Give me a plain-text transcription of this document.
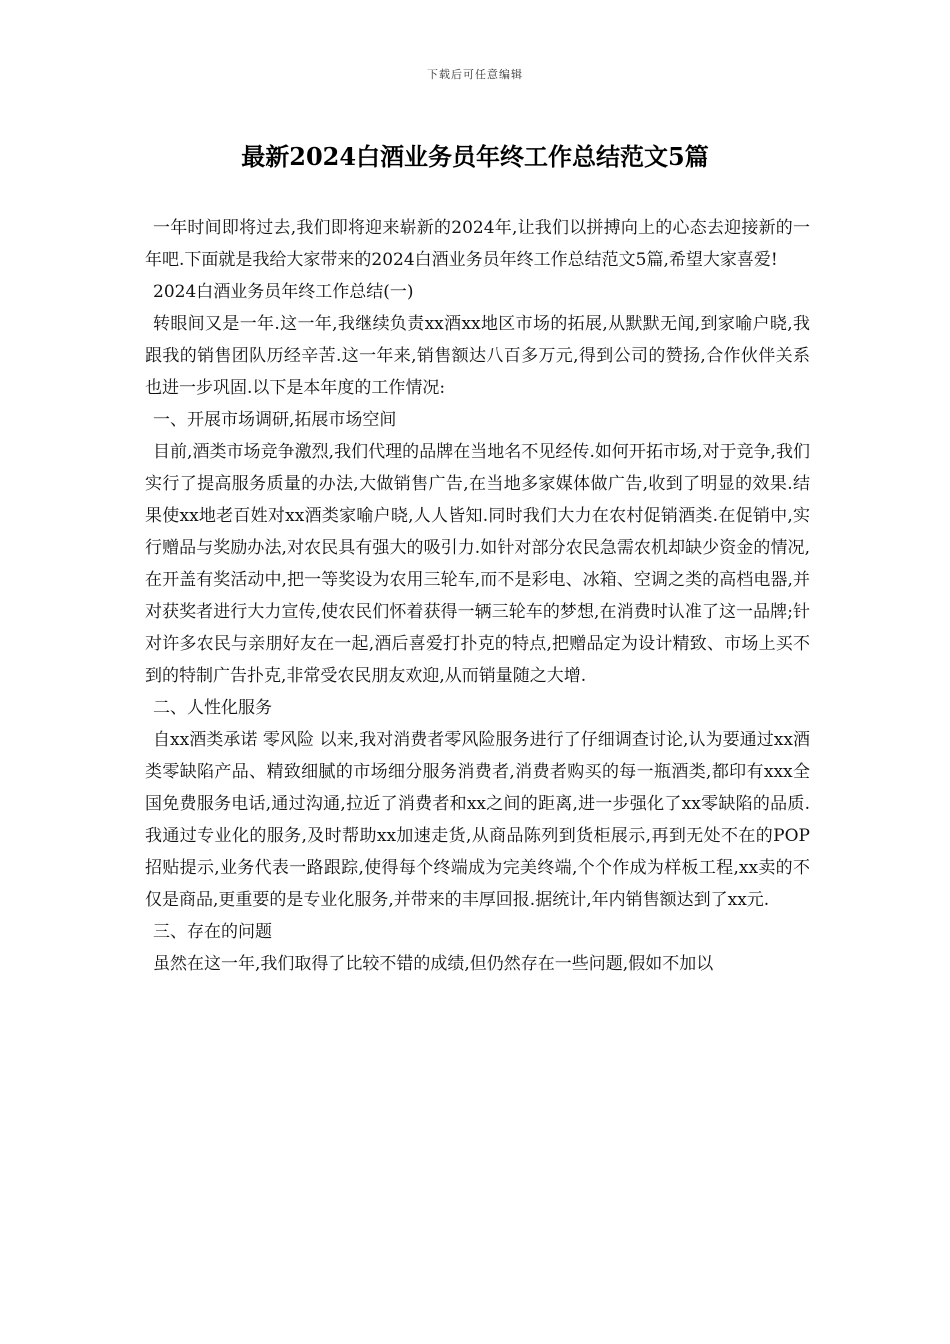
下载后可任意编辑
最新2024白酒业务员年终工作总结范文5篇

一年时间即将过去,我们即将迎来崭新的2024年,让我们以拼搏向上的心态去迎接新的一年吧.下面就是我给大家带来的2024白酒业务员年终工作总结范文5篇,希望大家喜爱!

2024白酒业务员年终工作总结(一)

转眼间又是一年.这一年,我继续负责xx酒xx地区市场的拓展,从默默无闻,到家喻户晓,我跟我的销售团队历经辛苦.这一年来,销售额达八百多万元,得到公司的赞扬,合作伙伴关系也进一步巩固.以下是本年度的工作情况:

一、开展市场调研,拓展市场空间

目前,酒类市场竞争激烈,我们代理的品牌在当地名不见经传.如何开拓市场,对于竞争,我们实行了提高服务质量的办法,大做销售广告,在当地多家媒体做广告,收到了明显的效果.结果使xx地老百姓对xx酒类家喻户晓,人人皆知.同时我们大力在农村促销酒类.在促销中,实行赠品与奖励办法,对农民具有强大的吸引力.如针对部分农民急需农机却缺少资金的情况,在开盖有奖活动中,把一等奖设为农用三轮车,而不是彩电、冰箱、空调之类的高档电器,并对获奖者进行大力宣传,使农民们怀着获得一辆三轮车的梦想,在消费时认准了这一品牌;针对许多农民与亲朋好友在一起,酒后喜爱打扑克的特点,把赠品定为设计精致、市场上买不到的特制广告扑克,非常受农民朋友欢迎,从而销量随之大增.

二、人性化服务

自xx酒类承诺 零风险 以来,我对消费者零风险服务进行了仔细调查讨论,认为要通过xx酒类零缺陷产品、精致细腻的市场细分服务消费者,消费者购买的每一瓶酒类,都印有xxx全国免费服务电话,通过沟通,拉近了消费者和xx之间的距离,进一步强化了xx零缺陷的品质.我通过专业化的服务,及时帮助xx加速走货,从商品陈列到货柜展示,再到无处不在的POP招贴提示,业务代表一路跟踪,使得每个终端成为完美终端,个个作成为样板工程,xx卖的不仅是商品,更重要的是专业化服务,并带来的丰厚回报.据统计,年内销售额达到了xx元.

三、存在的问题

虽然在这一年,我们取得了比较不错的成绩,但仍然存在一些问题,假如不加以
